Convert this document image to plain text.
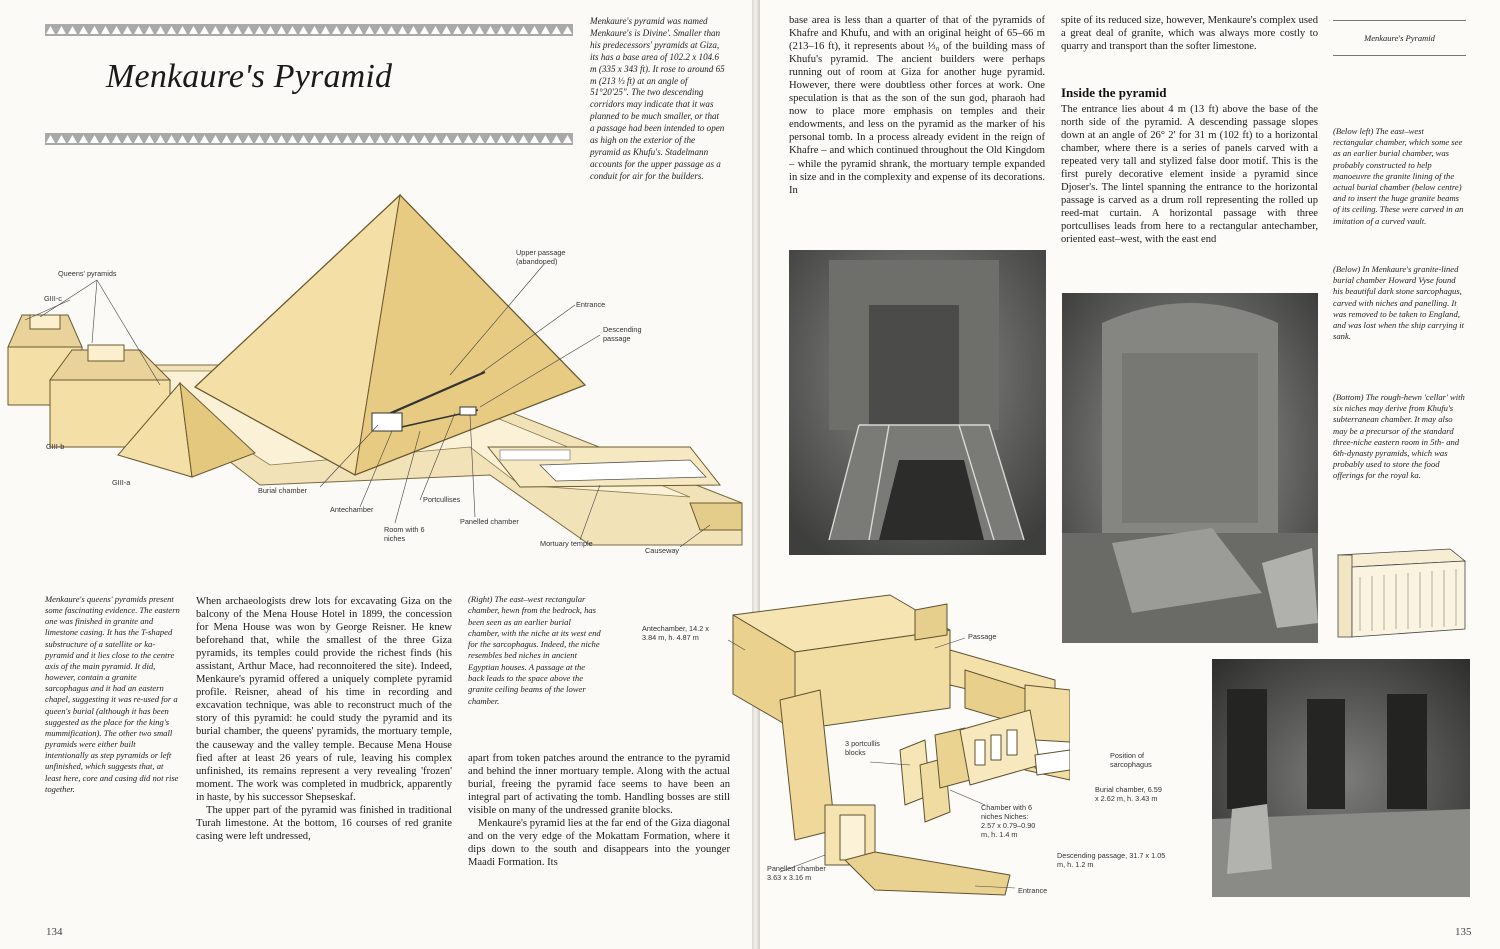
Menkaure's Pyramid
Menkaure's pyramid was named Menkaure's is Divine'. Smaller than his predecessors' pyramids at Giza, its has a base area of 102.2 x 104.6 m (335 x 343 ft). It rose to around 65 m (213 ⅓ ft) at an angle of 51°20'25". The two descending corridors may indicate that it was planned to be much smaller, or that a passage had been intended to open as high on the exterior of the pyramid as Khufu's. Stadelmann accounts for the upper passage as a conduit for air for the builders.
Queens' pyramids
GIII-c
GIII-b
GIII-a
Upper passage (abandoned)
Entrance
Descending passage
Burial chamber
Antechamber
Portcullises
Room with 6 niches
Panelled chamber
Mortuary temple
Causeway
Menkaure's queens' pyramids present some fascinating evidence. The eastern one was finished in granite and limestone casing. It has the T-shaped substructure of a satellite or ka-pyramid and it lies close to the centre axis of the main pyramid. It did, however, contain a granite sarcophagus and it had an eastern chapel, suggesting it was re-used for a queen's burial (although it has been suggested as the place for the king's mummification). The other two small pyramids were either built intentionally as step pyramids or left unfinished, which suggests that, at least here, core and casing did not rise together.
When archaeologists drew lots for excavating Giza on the balcony of the Mena House Hotel in 1899, the concession for Mena House was won by George Reisner. He knew beforehand that, while the smallest of the three Giza pyramids, its temples could provide the richest finds (his assistant, Arthur Mace, had reconnoitered the site). Indeed, Menkaure's pyramid offered a uniquely complete pyramid profile. Reisner, ahead of his time in recording and excavation technique, was able to reconstruct much of the story of this pyramid: he could study the pyramid and its burial chamber, the queens' pyramids, the mortuary temple, the causeway and the valley temple. Because Mena House fied after at least 26 years of rule, leaving his complex unfinished, its remains represent a very revealing 'frozen' moment. The work was completed in mudbrick, apparently in haste, by his successor Shepseskaf.
The upper part of the pyramid was finished in traditional Turah limestone. At the bottom, 16 courses of red granite casing were left undressed,
(Right) The east–west rectangular chamber, hewn from the bedrock, has been seen as an earlier burial chamber, with the niche at its west end for the sarcophagus. Indeed, the niche resembles bed niches in ancient Egyptian houses. A passage at the back leads to the space above the granite ceiling beams of the lower chamber.
apart from token patches around the entrance to the pyramid and behind the inner mortuary temple. Along with the actual burial, freeing the pyramid face seems to have been an integral part of activating the tomb. Handling bosses are still visible on many of the undressed granite blocks.
Menkaure's pyramid lies at the far end of the Giza diagonal and on the very edge of the Mokattam Formation, where it dips down to the south and disappears into the younger Maadi Formation. Its
134
base area is less than a quarter of that of the pyramids of Khafre and Khufu, and with an original height of 65–66 m (213–16 ft), it represents about ⅓₀ of the building mass of Khufu's pyramid. The ancient builders were perhaps running out of room at Giza for another huge pyramid. However, there were doubtless other forces at work. One speculation is that as the son of the sun god, pharaoh had now to place more emphasis on temples and their endowments, and less on the pyramid as the marker of his personal tomb. In a process already evident in the reign of Khafre – and which continued throughout the Old Kingdom – while the pyramid shrank, the mortuary temple expanded in size and in the complexity and expense of its decorations. In
spite of its reduced size, however, Menkaure's complex used a great deal of granite, which was always more costly to quarry and transport than the softer limestone.
Inside the pyramid
The entrance lies about 4 m (13 ft) above the base of the north side of the pyramid. A descending passage slopes down at an angle of 26° 2' for 31 m (102 ft) to a horizontal chamber, where there is a series of panels carved with a repeated very tall and stylized false door motif. This is the first purely decorative element inside a pyramid since Djoser's. The lintel spanning the entrance to the horizontal passage is carved as a drum roll representing the rolled up reed-mat curtain. A horizontal passage with three portcullises leads from here to a rectangular antechamber, oriented east–west, with the east end
Menkaure's Pyramid
(Below left) The east–west rectangular chamber, which some see as an earlier burial chamber, was probably constructed to help manoeuvre the granite lining of the actual burial chamber (below centre) and to insert the huge granite beams of its ceiling. These were carved in an imitation of a curved vault.
(Below) In Menkaure's granite-lined burial chamber Howard Vyse found his beautiful dark stone sarcophagus, carved with niches and panelling. It was removed to be taken to England, and was lost when the ship carrying it sank.
(Bottom) The rough-hewn 'cellar' with six niches may derive from Khufu's subterranean chamber. It may also may be a precursor of the standard three-niche eastern room in 5th- and 6th-dynasty pyramids, which was probably used to store the food offerings for the royal ka.
Antechamber, 14.2 x 3.84 m, h. 4.87 m	Passage
3 portcullis blocks	Position of sarcophagus
Burial chamber, 6.59 x 2.62 m, h. 3.43 m
Chamber with 6 niches Niches: 2.57 x 0.79–0.90 m, h. 1.4 m
Descending passage, 31.7 x 1.05 m, h. 1.2 m
Panelled chamber 3.63 x 3.16 m
Entrance
135
